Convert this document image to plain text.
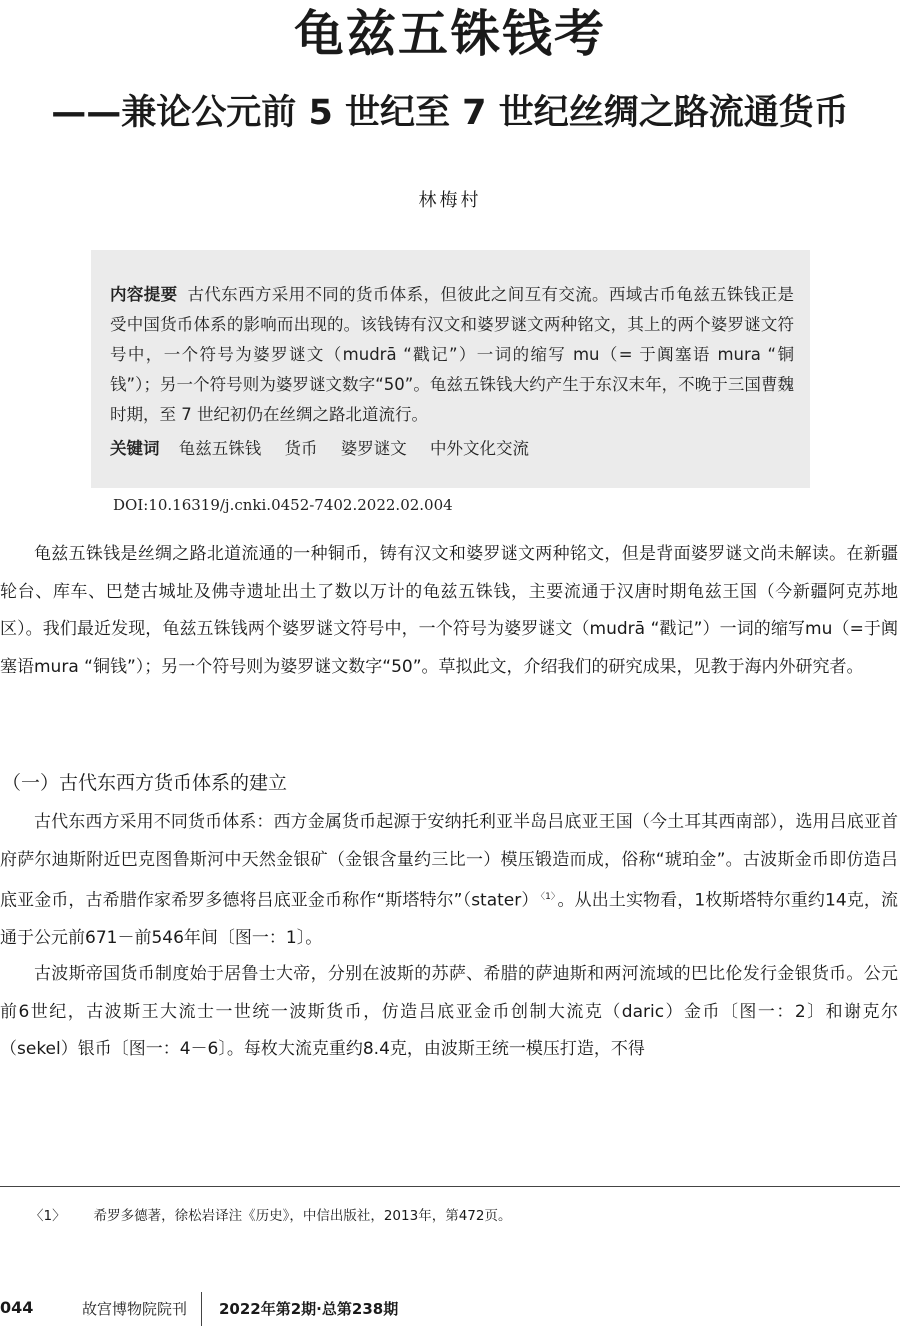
龟兹五铢钱考
——兼论公元前 5 世纪至 7 世纪丝绸之路流通货币
林梅村
内容提要 古代东西方采用不同的货币体系，但彼此之间互有交流。西域古币龟兹五铢钱正是受中国货币体系的影响而出现的。该钱铸有汉文和婆罗谜文两种铭文，其上的两个婆罗谜文符号中，一个符号为婆罗谜文（mudrā “戳记”）一词的缩写 mu（= 于阗塞语 mura “铜钱”）；另一个符号则为婆罗谜文数字“50”。龟兹五铢钱大约产生于东汉末年，不晚于三国曹魏时期，至 7 世纪初仍在丝绸之路北道流行。
关键词 龟兹五铢钱 货币 婆罗谜文 中外文化交流
DOI:10.16319/j.cnki.0452-7402.2022.02.004
龟兹五铢钱是丝绸之路北道流通的一种铜币，铸有汉文和婆罗谜文两种铭文，但是背面婆罗谜文尚未解读。在新疆轮台、库车、巴楚古城址及佛寺遗址出土了数以万计的龟兹五铢钱，主要流通于汉唐时期龟兹王国（今新疆阿克苏地区）。我们最近发现，龟兹五铢钱两个婆罗谜文符号中，一个符号为婆罗谜文（mudrā “戳记”）一词的缩写mu（=于阗塞语mura “铜钱”）；另一个符号则为婆罗谜文数字“50”。草拟此文，介绍我们的研究成果，见教于海内外研究者。
（一）古代东西方货币体系的建立
古代东西方采用不同货币体系：西方金属货币起源于安纳托利亚半岛吕底亚王国（今土耳其西南部），选用吕底亚首府萨尔迪斯附近巴克图鲁斯河中天然金银矿（金银含量约三比一）模压锻造而成，俗称“琥珀金”。古波斯金币即仿造吕底亚金币，古希腊作家希罗多德将吕底亚金币称作“斯塔特尔”（stater） $^{〈1〉}$ 。从出土实物看，1枚斯塔特尔重约14克，流通于公元前671－前546年间〔图一：1〕。
古波斯帝国货币制度始于居鲁士大帝，分别在波斯的苏萨、希腊的萨迪斯和两河流域的巴比伦发行金银货币。公元前6世纪，古波斯王大流士一世统一波斯货币，仿造吕底亚金币创制大流克（daric）金币〔图一：2〕和谢克尔（sekel）银币〔图一：4－6〕。每枚大流克重约8.4克，由波斯王统一模压打造，不得
〈1〉 希罗多德著，徐松岩译注《历史》，中信出版社，2013年，第472页。
044	故宫博物院院刊	2022年第2期·总第238期
